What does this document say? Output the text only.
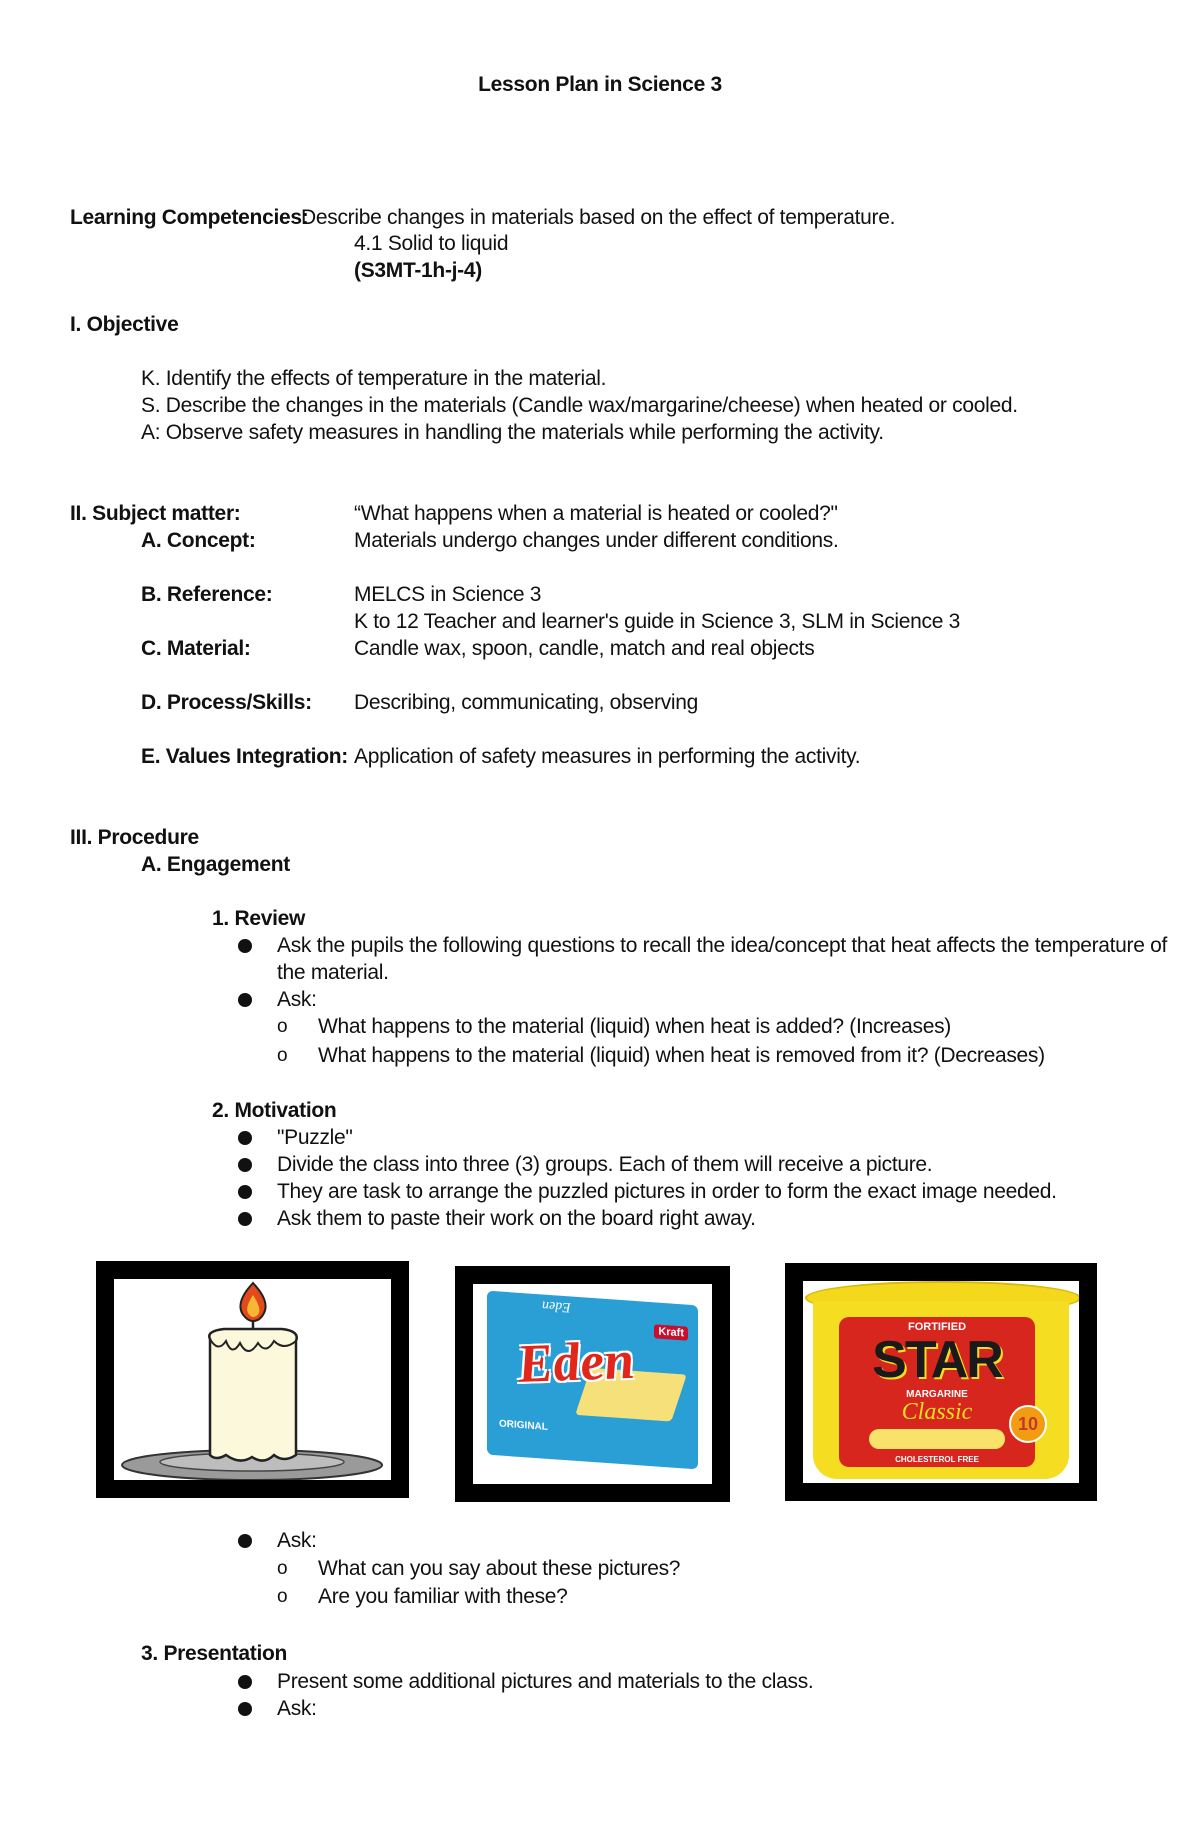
Lesson Plan in Science 3
Learning Competencies:
Describe changes in materials based on the effect of temperature.
4.1 Solid to liquid
(S3MT-1h-j-4)
I. Objective
K. Identify the effects of temperature in the material.
S. Describe the changes in the materials (Candle wax/margarine/cheese) when heated or cooled.
A: Observe safety measures in handling the materials while performing the activity.
II. Subject matter:	“What happens when a material is heated or cooled?"
A. Concept:	Materials undergo changes under different conditions.
B. Reference:	MELCS in Science 3
K to 12 Teacher and learner's guide in Science 3, SLM in Science 3
C. Material:	Candle wax, spoon, candle, match and real objects
D. Process/Skills: Describing, communicating, observing
E. Values Integration: Application of safety measures in performing the activity.
III. Procedure
A. Engagement
1. Review
Ask the pupils the following questions to recall the idea/concept that heat affects the temperature of
the material.
Ask:
o What happens to the material (liquid) when heat is added? (Increases)
o What happens to the material (liquid) when heat is removed from it? (Decreases)
2. Motivation
"Puzzle"
Divide the class into three (3) groups. Each of them will receive a picture.
They are task to arrange the puzzled pictures in order to form the exact image needed.
Ask them to paste their work on the board right away.
Eden
Kraft
Eden
ORIGINAL
FORTIFIED
STAR
MARGARINE
Classic
CHOLESTEROL FREE
10
Ask:
o What can you say about these pictures?
o Are you familiar with these?
3. Presentation
Present some additional pictures and materials to the class.
Ask:
